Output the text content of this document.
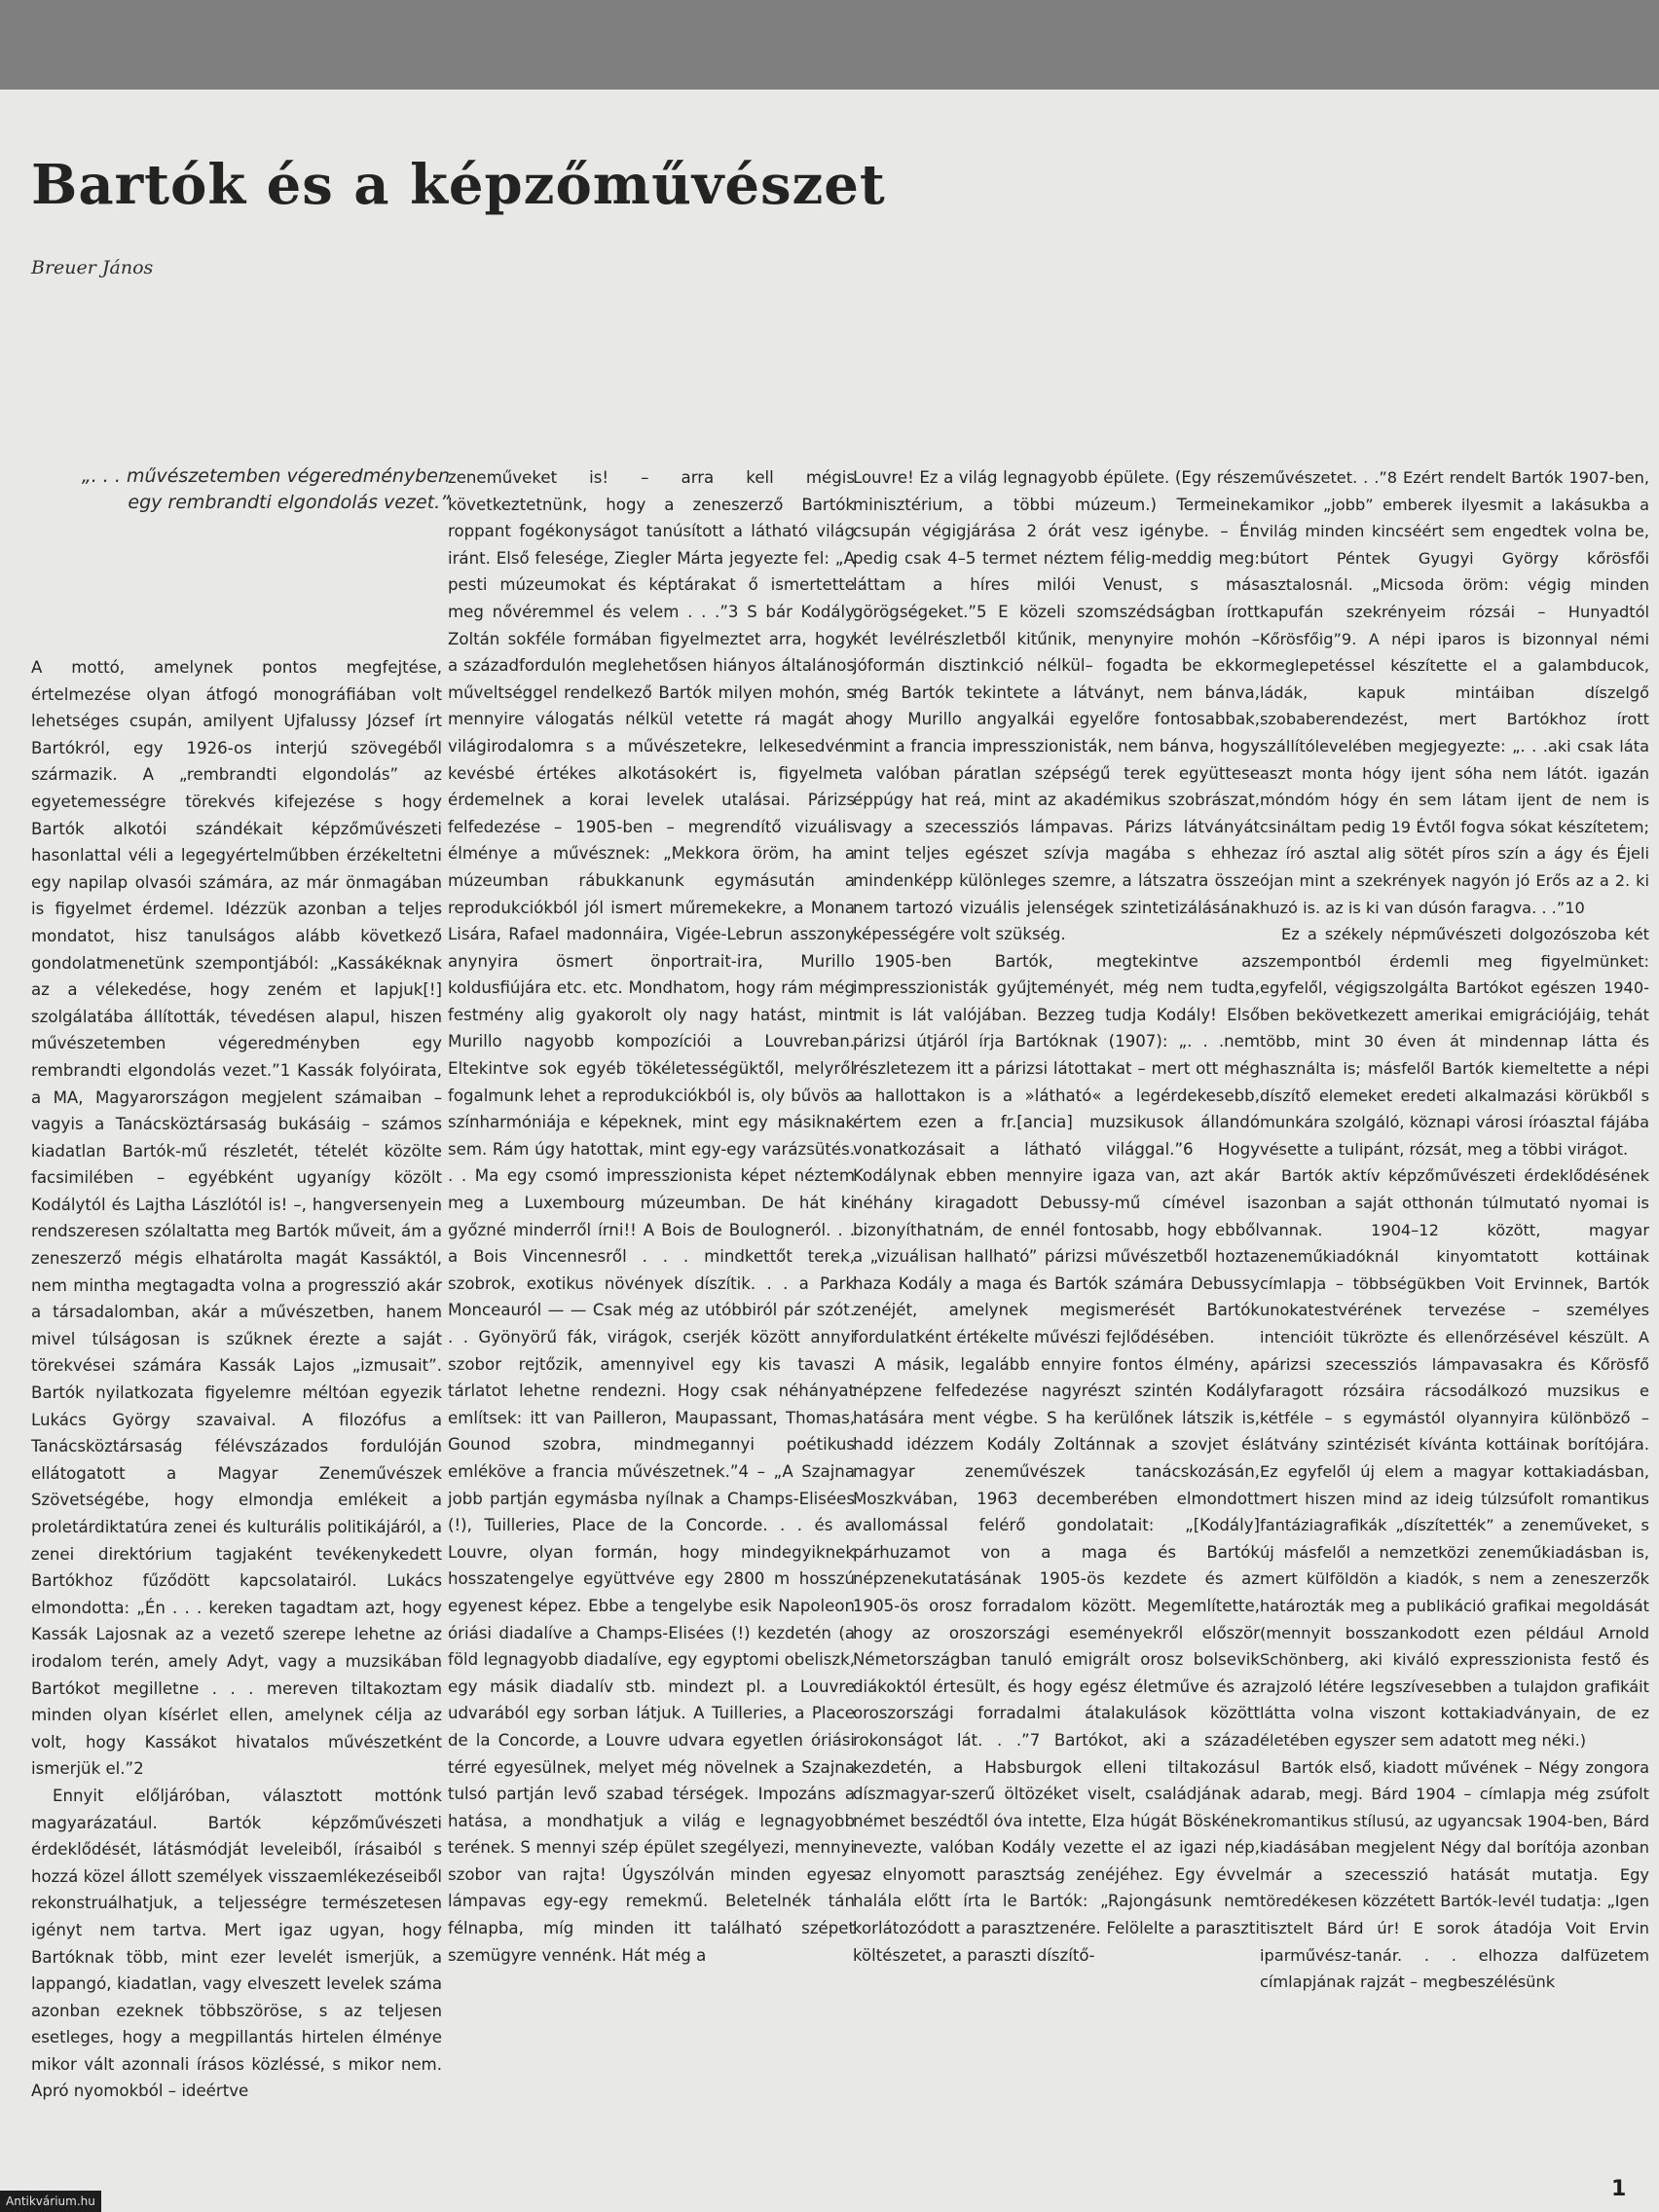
Bartók és a képzőművészet
Breuer János
„. . . művészetemben végeredményben egy rembrandti elgondolás vezet.”

A mottó, amelynek pontos megfejtése, értelmezése olyan átfogó monográfiában volt lehetséges csupán, amilyent Ujfalussy József írt Bartókról, egy 1926-os interjú szövegéből származik. A „rembrandti elgondolás” az egyetemességre törekvés kifejezése s hogy Bartók alkotói szándékait képzőművészeti hasonlattal véli a legegyértelműbben érzékeltetni egy napilap olvasói számára, az már önmagában is figyelmet érdemel. Idézzük azonban a teljes mondatot, hisz tanulságos alább következő gondolatmenetünk szempontjából: „Kassákéknak az a vélekedése, hogy zeném et lapjuk[!] szolgálatába állították, tévedésen alapul, hiszen művészetemben végeredményben egy rembrandti elgondolás vezet.”1 Kassák folyóirata, a MA, Magyarországon megjelent számaiban – vagyis a Tanácsköztársaság bukásáig – számos kiadatlan Bartók-mű részletét, tételét közölte facsimilében – egyébként ugyanígy közölt Kodálytól és Lajtha Lászlótól is! –, hangversenyein rendszeresen szólaltatta meg Bartók műveit, ám a zeneszerző mégis elhatárolta magát Kassáktól, nem mintha megtagadta volna a progresszió akár a társadalomban, akár a művészetben, hanem mivel túlságosan is szűknek érezte a saját törekvései számára Kassák Lajos „izmusait”. Bartók nyilatkozata figyelemre méltóan egyezik Lukács György szavaival. A filozófus a Tanácsköztársaság félévszázados fordulóján ellátogatott a Magyar Zeneművészek Szövetségébe, hogy elmondja emlékeit a proletárdiktatúra zenei és kulturális politikájáról, a zenei direktórium tagjaként tevékenykedett Bartókhoz fűződött kapcsolatairól. Lukács elmondotta: „Én . . . kereken tagadtam azt, hogy Kassák Lajosnak az a vezető szerepe lehetne az irodalom terén, amely Adyt, vagy a muzsikában Bartókot megilletne . . . mereven tiltakoztam minden olyan kísérlet ellen, amelynek célja az volt, hogy Kassákot hivatalos művészetként ismerjük el.”2

Ennyit előljáróban, választott mottónk magyarázatául. Bartók képzőművészeti érdeklődését, látásmódját leveleiből, írásaiból s hozzá közel állott személyek visszaemlékezéseiből rekonstruálhatjuk, a teljességre természetesen igényt nem tartva. Mert igaz ugyan, hogy Bartóknak több, mint ezer levelét ismerjük, a lappangó, kiadatlan, vagy elveszett levelek száma azonban ezeknek többszöröse, s az teljesen esetleges, hogy a megpillantás hirtelen élménye mikor vált azonnali írásos közléssé, s mikor nem. Apró nyomokból – ideértve

zeneműveket is! – arra kell mégis következtetnünk, hogy a zeneszerző Bartók roppant fogékonyságot tanúsított a látható világ iránt. Első felesége, Ziegler Márta jegyezte fel: „A pesti múzeumokat és képtárakat ő ismertette meg nővéremmel és velem . . .”3 S bár Kodály Zoltán sokféle formában figyelmeztet arra, hogy a századfordulón meglehetősen hiányos általános műveltséggel rendelkező Bartók milyen mohón, s mennyire válogatás nélkül vetette rá magát a világirodalomra s a művészetekre, lelkesedvén kevésbé értékes alkotásokért is, figyelmet érdemelnek a korai levelek utalásai. Párizs felfedezése – 1905-ben – megrendítő vizuális élménye a művésznek: „Mekkora öröm, ha a múzeumban rábukkanunk egymásután a reprodukciókból jól ismert műremekekre, a Mona Lisára, Rafael madonnáira, Vigée-Lebrun asszony anynyira ösmert önportrait-ira, Murillo koldusfiújára etc. etc. Mondhatom, hogy rám még festmény alig gyakorolt oly nagy hatást, mint Murillo nagyobb kompozíciói a Louvreban. Eltekintve sok egyéb tökéletességüktől, melyről fogalmunk lehet a reprodukciókból is, oly bűvös a színharmóniája e képeknek, mint egy másiknak sem. Rám úgy hatottak, mint egy-egy varázsütés. . . Ma egy csomó impresszionista képet néztem meg a Luxembourg múzeumban. De hát ki győzné minderről írni!! A Bois de Boulogneról. . . a Bois Vincennesről . . . mindkettőt terek, szobrok, exotikus növények díszítik. . . a Park Monceauról — — Csak még az utóbbiról pár szót. . . Gyönyörű fák, virágok, cserjék között annyi szobor rejtőzik, amennyivel egy kis tavaszi tárlatot lehetne rendezni. Hogy csak néhányat említsek: itt van Pailleron, Maupassant, Thomas, Gounod szobra, mindmegannyi poétikus emléköve a francia művészetnek.”4 – „A Szajna jobb partján egymásba nyílnak a Champs-Elisées (!), Tuilleries, Place de la Concorde. . . és a Louvre, olyan formán, hogy mindegyiknek hosszatengelye együttvéve egy 2800 m hosszú egyenest képez. Ebbe a tengelybe esik Napoleon óriási diadalíve a Champs-Elisées (!) kezdetén (a föld legnagyobb diadalíve, egy egyptomi obeliszk, egy másik diadalív stb. mindezt pl. a Louvre udvarából egy sorban látjuk. A Tuilleries, a Place de la Concorde, a Louvre udvara egyetlen óriási térré egyesülnek, melyet még növelnek a Szajna tulsó partján levő szabad térségek. Impozáns a hatása, a mondhatjuk a világ e legnagyobb terének. S mennyi szép épület szegélyezi, mennyi szobor van rajta! Úgyszólván minden egyes lámpavas egy-egy remekmű. Beletelnék tán félnapba, míg minden itt található szépet szemügyre vennénk. Hát még a

Louvre! Ez a világ legnagyobb épülete. (Egy része minisztérium, a többi múzeum.) Termeinek csupán végigjárása 2 órát vesz igénybe. – Én pedig csak 4–5 termet néztem félig-meddig meg: láttam a híres milói Venust, s más görögségeket.”5 E közeli szomszédságban írott két levélrészletből kitűnik, menynyire mohón – jóformán disztinkció nélkül– fogadta be ekkor még Bartók tekintete a látványt, nem bánva, hogy Murillo angyalkái egyelőre fontosabbak, mint a francia impresszionisták, nem bánva, hogy a valóban páratlan szépségű terek együttese éppúgy hat reá, mint az akadémikus szobrászat, vagy a szecessziós lámpavas. Párizs látványát mint teljes egészet szívja magába s ehhez mindenképp különleges szemre, a látszatra össze nem tartozó vizuális jelenségek szintetizálásának képességére volt szükség.

1905-ben Bartók, megtekintve az impresszionisták gyűjteményét, még nem tudta, mit is lát valójában. Bezzeg tudja Kodály! Első párizsi útjáról írja Bartóknak (1907): „. . .nem részletezem itt a párizsi látottakat – mert ott még a hallottakon is a »látható« a legérdekesebb, értem ezen a fr.[ancia] muzsikusok állandó vonatkozásait a látható világgal.”6 Hogy Kodálynak ebben mennyire igaza van, azt akár néhány kiragadott Debussy-mű címével is bizonyíthatnám, de ennél fontosabb, hogy ebből a „vizuálisan hallható” párizsi művészetből hozta haza Kodály a maga és Bartók számára Debussy zenéjét, amelynek megismerését Bartók fordulatként értékelte művészi fejlődésében.

A másik, legalább ennyire fontos élmény, a népzene felfedezése nagyrészt szintén Kodály hatására ment végbe. S ha kerülőnek látszik is, hadd idézzem Kodály Zoltánnak a szovjet és magyar zeneművészek tanácskozásán, Moszkvában, 1963 decemberében elmondott vallomással felérő gondolatait: „[Kodály] párhuzamot von a maga és Bartók népzenekutatásának 1905-ös kezdete és az 1905-ös orosz forradalom között. Megemlítette, hogy az oroszországi eseményekről először Németországban tanuló emigrált orosz bolsevik diákoktól értesült, és hogy egész életműve és az oroszországi forradalmi átalakulások között rokonságot lát. . .”7 Bartókot, aki a század kezdetén, a Habsburgok elleni tiltakozásul díszmagyar-szerű öltözéket viselt, családjának a német beszédtől óva intette, Elza húgát Böskének nevezte, valóban Kodály vezette el az igazi nép, az elnyomott parasztság zenéjéhez. Egy évvel halála előtt írta le Bartók: „Rajongásunk nem korlátozódott a parasztzenére. Felölelte a paraszti költészetet, a paraszti díszítő-

művészetet. . .”8 Ezért rendelt Bartók 1907-ben, amikor „jobb” emberek ilyesmit a lakásukba a világ minden kincséért sem engedtek volna be, bútort Péntek Gyugyi György kőrösfői asztalosnál. „Micsoda öröm: végig minden kapufán szekrényeim rózsái – Hunyadtól Kőrösfőig”9. A népi iparos is bizonnyal némi meglepetéssel készítette el a galambducok, ládák, kapuk mintáiban díszelgő szobaberendezést, mert Bartókhoz írott szállítólevelében megjegyezte: „. . .aki csak láta aszt monta hógy ijent sóha nem látót. igazán móndóm hógy én sem látam ijent de nem is csináltam pedig 19 Évtől fogva sókat készítetem; az író asztal alig sötét píros szín a ágy és Éjeli ójan mint a szekrények nagyón jó Erős az a 2. ki huzó is. az is ki van dúsón faragva. . .”10

Ez a székely népművészeti dolgozószoba két szempontból érdemli meg figyelmünket: egyfelől, végigszolgálta Bartókot egészen 1940-ben bekövetkezett amerikai emigrációjáig, tehát több, mint 30 éven át mindennap látta és használta is; másfelől Bartók kiemeltette a népi díszítő elemeket eredeti alkalmazási körükből s munkára szolgáló, köznapi városi íróasztal fájába vésette a tulipánt, rózsát, meg a többi virágot.

Bartók aktív képzőművészeti érdeklődésének azonban a saját otthonán túlmutató nyomai is vannak. 1904–12 között, magyar zeneműkiadóknál kinyomtatott kottáinak címlapja – többségükben Voit Ervinnek, Bartók unokatestvérének tervezése – személyes intencióit tükrözte és ellenőrzésével készült. A párizsi szecessziós lámpavasakra és Kőrösfő faragott rózsáira rácsodálkozó muzsikus e kétféle – s egymástól olyannyira különböző – látvány szintézisét kívánta kottáinak borítójára. Ez egyfelől új elem a magyar kottakiadásban, mert hiszen mind az ideig túlzsúfolt romantikus fantáziagrafikák „díszítették” a zeneműveket, s új másfelől a nemzetközi zeneműkiadásban is, mert külföldön a kiadók, s nem a zeneszerzők határozták meg a publikáció grafikai megoldását (mennyit bosszankodott ezen például Arnold Schönberg, aki kiváló expresszionista festő és rajzoló létére legszívesebben a tulajdon grafikáit látta volna viszont kottakiadványain, de ez életében egyszer sem adatott meg néki.)

Bartók első, kiadott művének – Négy zongora darab, megj. Bárd 1904 – címlapja még zsúfolt romantikus stílusú, az ugyancsak 1904-ben, Bárd kiadásában megjelent Négy dal borítója azonban már a szecesszió hatását mutatja. Egy töredékesen közzétett Bartók-levél tudatja: „Igen tisztelt Bárd úr! E sorok átadója Voit Ervin iparművész-tanár. . . elhozza dalfüzetem címlapjának rajzát – megbeszélésünk

Antikvárium.hu	1
